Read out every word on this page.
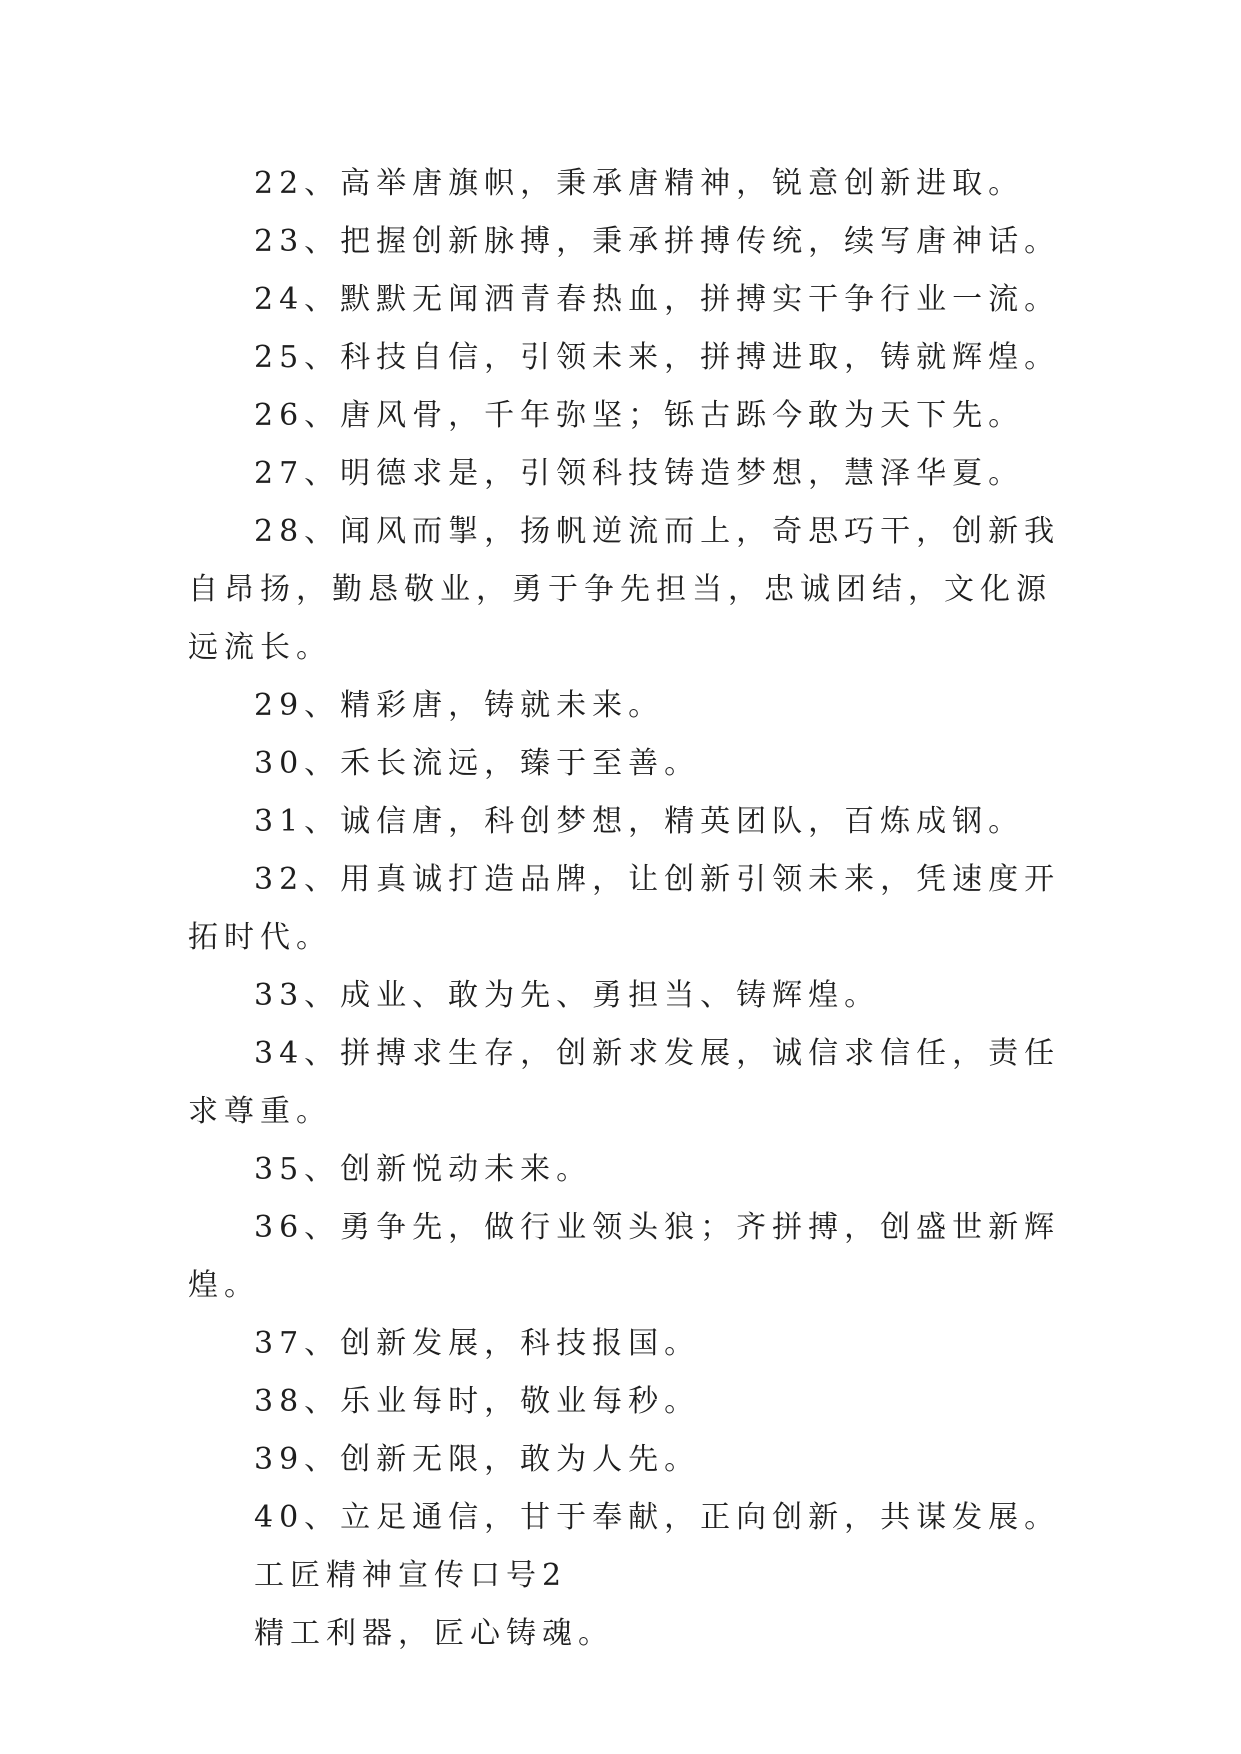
22、高举唐旗帜，秉承唐精神，锐意创新进取。

23、把握创新脉搏，秉承拼搏传统，续写唐神话。

24、默默无闻洒青春热血，拼搏实干争行业一流。

25、科技自信，引领未来，拼搏进取，铸就辉煌。

26、唐风骨，千年弥坚；铄古跞今敢为天下先。

27、明德求是，引领科技铸造梦想，慧泽华夏。

28、闻风而掣，扬帆逆流而上，奇思巧干，创新我自昂扬，勤恳敬业，勇于争先担当，忠诚团结，文化源远流长。

29、精彩唐，铸就未来。

30、禾长流远，臻于至善。

31、诚信唐，科创梦想，精英团队，百炼成钢。

32、用真诚打造品牌，让创新引领未来，凭速度开拓时代。

33、成业、敢为先、勇担当、铸辉煌。

34、拼搏求生存，创新求发展，诚信求信任，责任求尊重。

35、创新悦动未来。

36、勇争先，做行业领头狼；齐拼搏，创盛世新辉煌。

37、创新发展，科技报国。

38、乐业每时，敬业每秒。

39、创新无限，敢为人先。

40、立足通信，甘于奉献，正向创新，共谋发展。

工匠精神宣传口号2

精工利器，匠心铸魂。
